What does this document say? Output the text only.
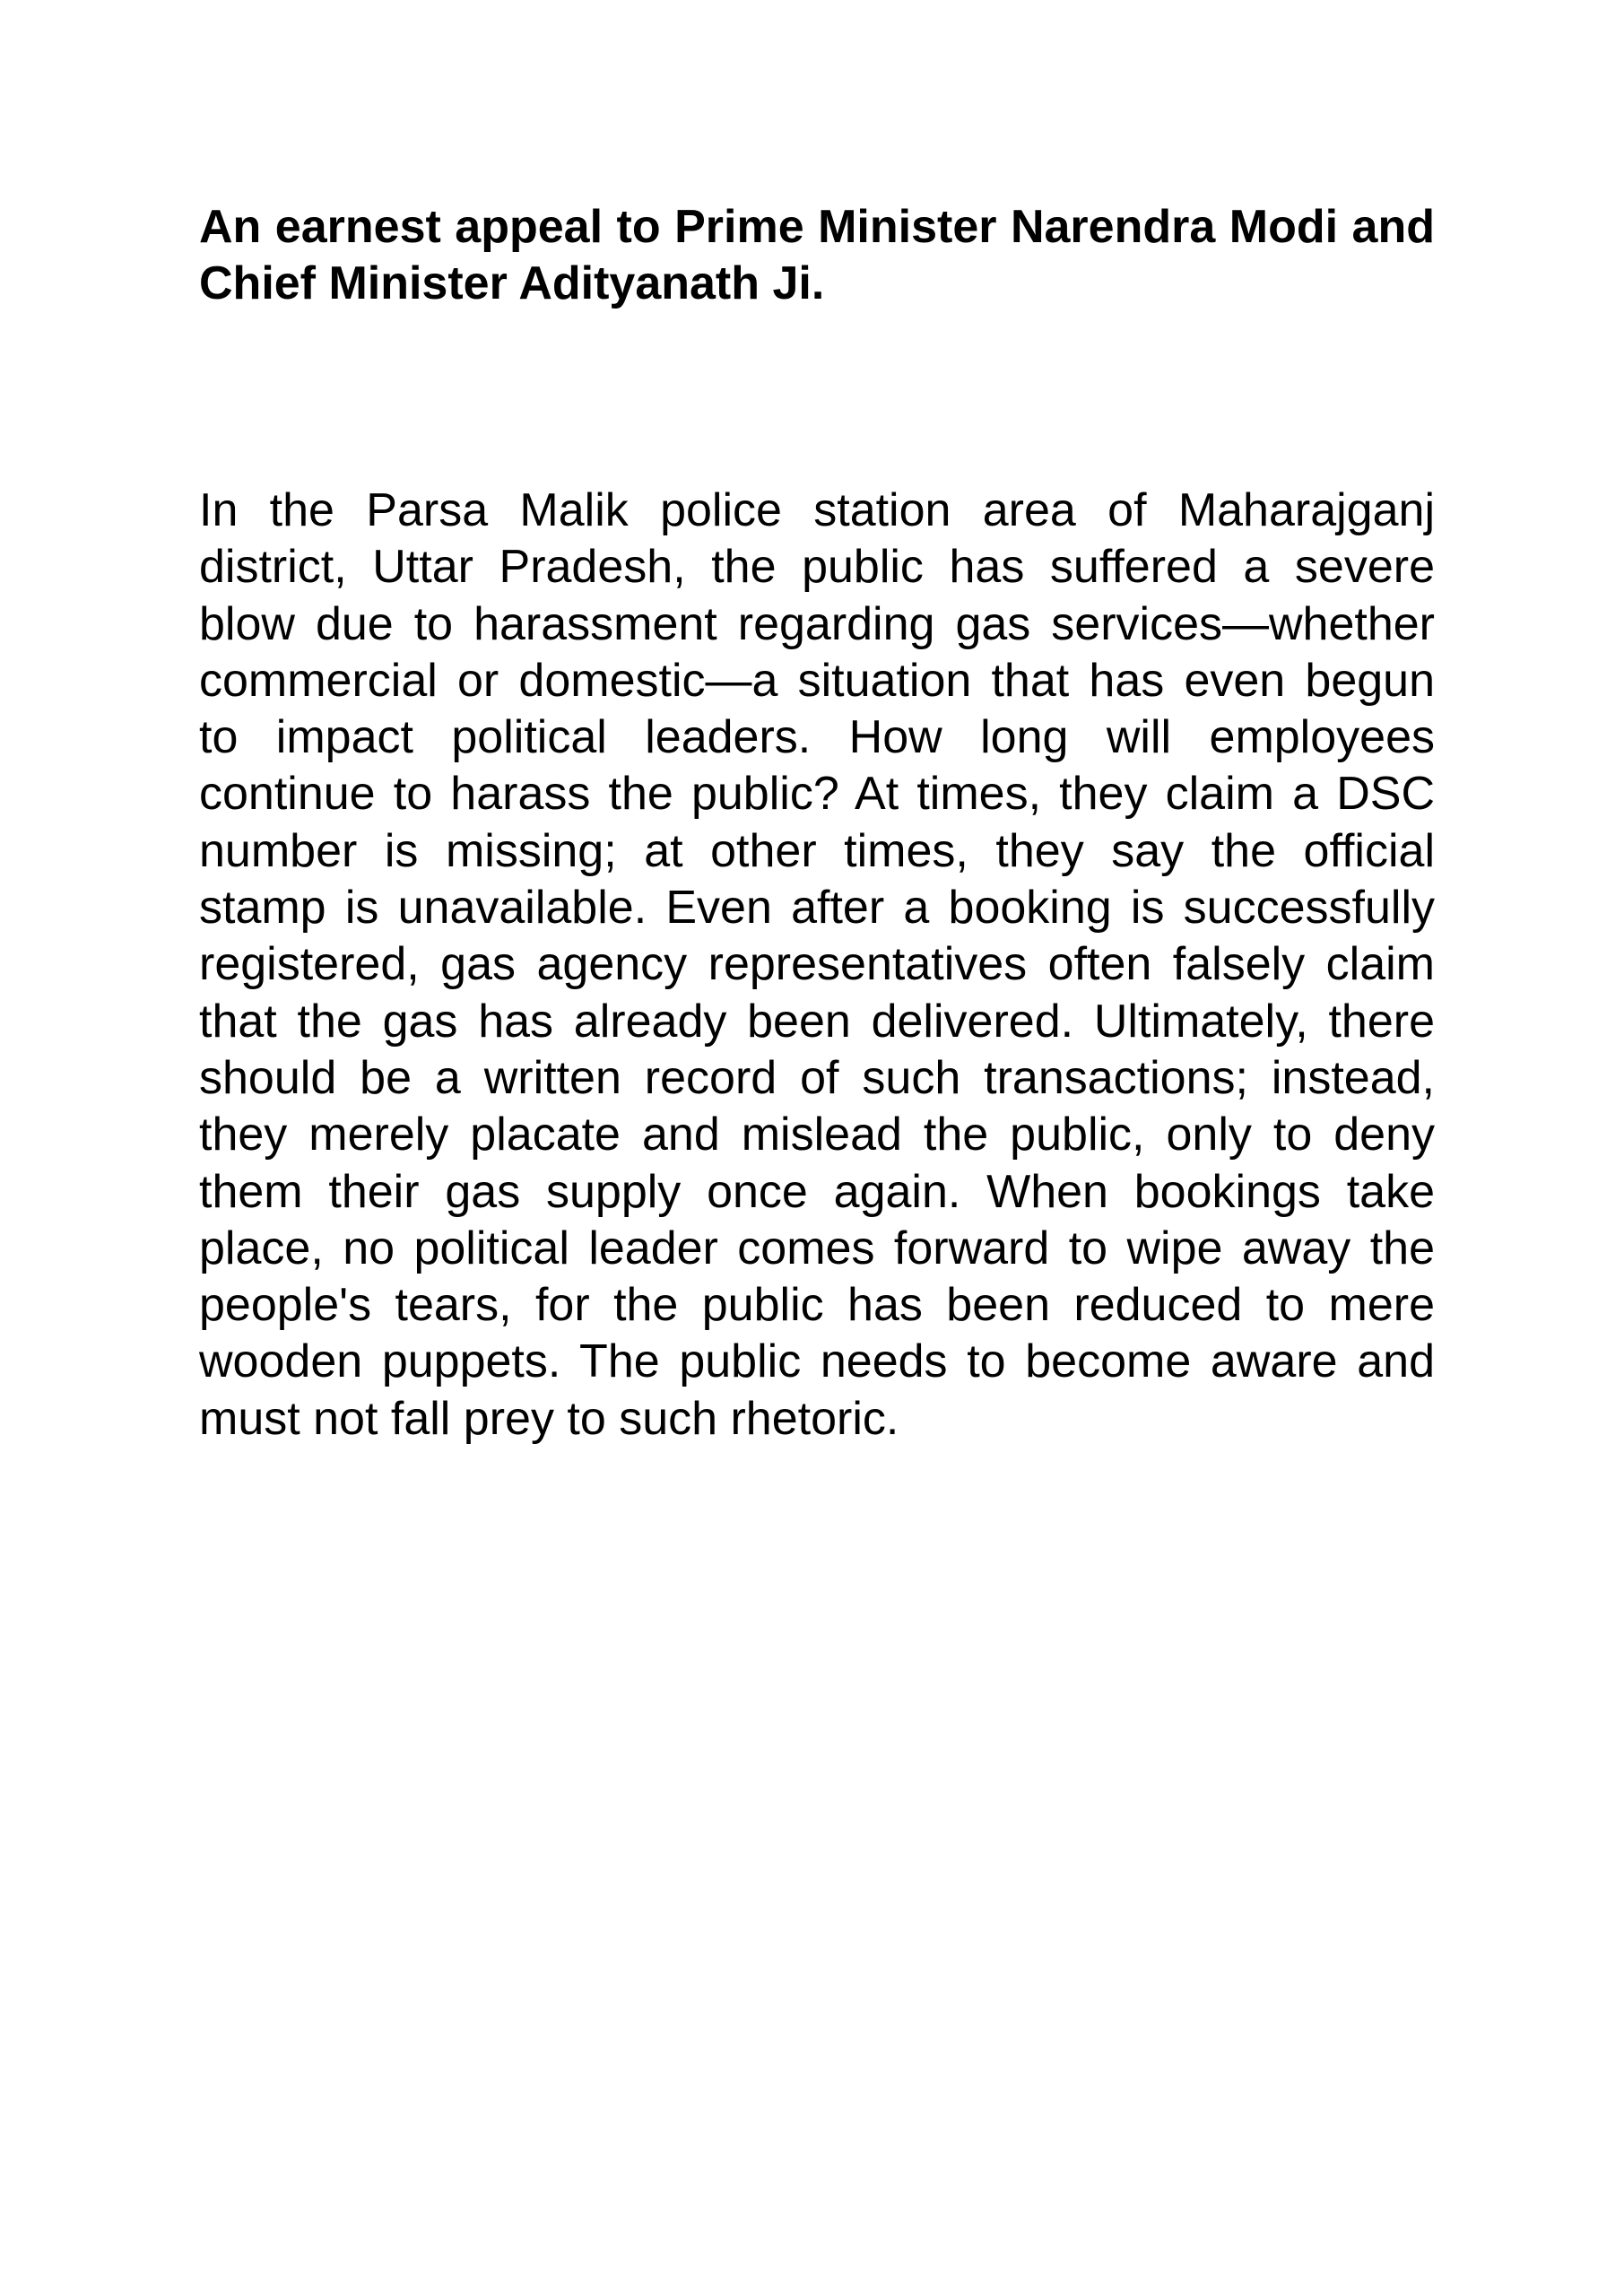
An earnest appeal to Prime Minister Narendra Modi and Chief Minister Adityanath Ji.

In the Parsa Malik police station area of Maharajganj district, Uttar Pradesh, the public has suffered a severe blow due to harassment regarding gas services—whether commercial or domestic—a situation that has even begun to impact political leaders. How long will employees continue to harass the public? At times, they claim a DSC number is missing; at other times, they say the official stamp is unavailable. Even after a booking is successfully registered, gas agency representatives often falsely claim that the gas has already been delivered. Ultimately, there should be a written record of such transactions; instead, they merely placate and mislead the public, only to deny them their gas supply once again. When bookings take place, no political leader comes forward to wipe away the people's tears, for the public has been reduced to mere wooden puppets. The public needs to become aware and must not fall prey to such rhetoric.
